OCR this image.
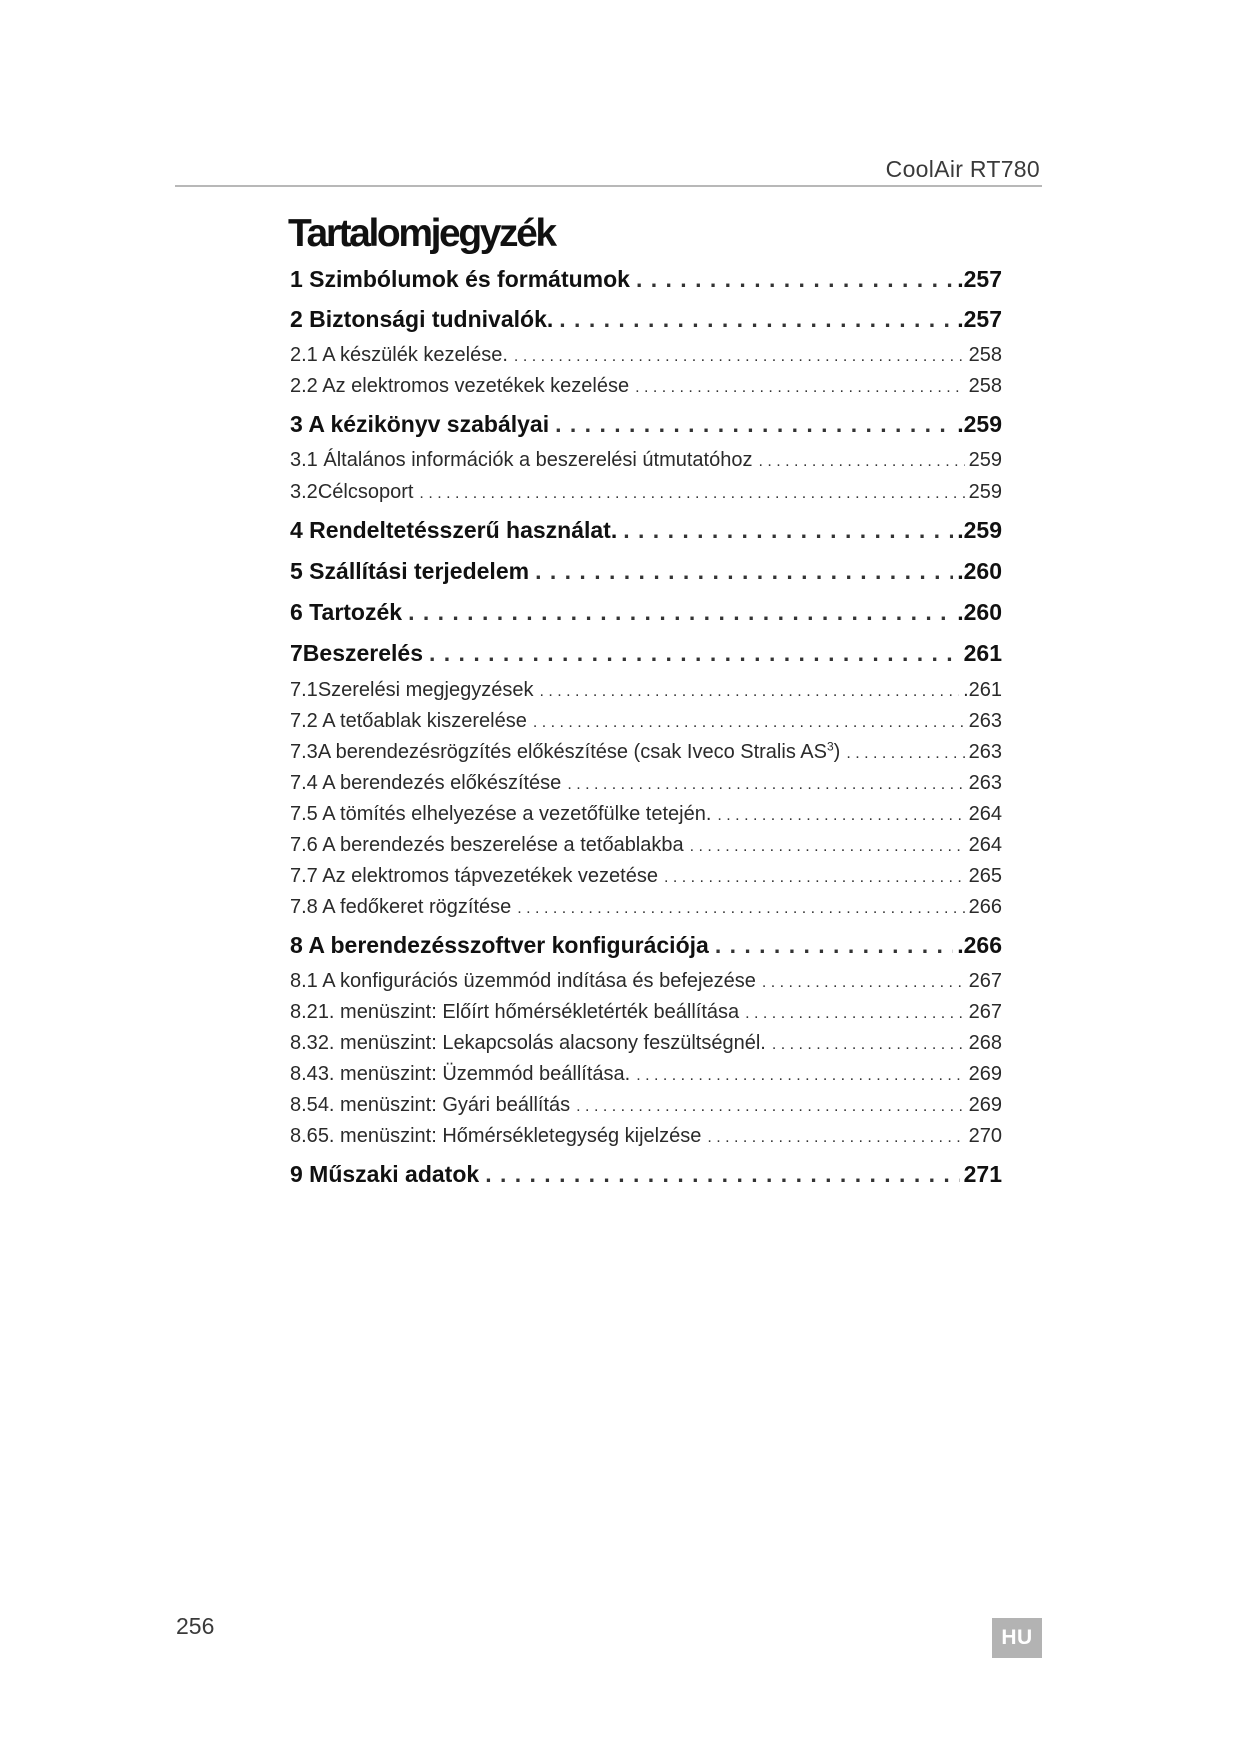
CoolAir RT780
Tartalomjegyzék
1 Szimbólumok és formátumok . . .	.257
2 Biztonsági tudnivalók. . . .	.257
2.1 A készülék kezelése. . . .	258
2.2 Az elektromos vezetékek kezelése . . .	258
3 A kézikönyv szabályai . . .	.259
3.1 Általános információk a beszerelési útmutatóhoz . . .	259
3.2 Célcsoport . . .	259
4 Rendeltetésszerű használat. . . .	.259
5 Szállítási terjedelem . . .	.260
6 Tartozék . . .	.260
7 Beszerelés . . .	261
7.1 Szerelési megjegyzések . . .	.261
7.2 A tetőablak kiszerelése . . .	263
7.3 A berendezésrögzítés előkészítése (csak Iveco Stralis $AS^3$) . . .	263
7.4 A berendezés előkészítése . . .	263
7.5 A tömítés elhelyezése a vezetőfülke tetején. . . .	264
7.6 A berendezés beszerelése a tetőablakba . . .	264
7.7 Az elektromos tápvezetékek vezetése . . .	265
7.8 A fedőkeret rögzítése . . .	266
8 A berendezésszoftver konfigurációja . . .	.266
8.1 A konfigurációs üzemmód indítása és befejezése . . .	267
8.2 1. menüszint: Előírt hőmérsékletérték beállítása . . .	267
8.3 2. menüszint: Lekapcsolás alacsony feszültségnél. . . .	268
8.4 3. menüszint: Üzemmód beállítása. . . .	269
8.5 4. menüszint: Gyári beállítás . . .	269
8.6 5. menüszint: Hőmérsékletegység kijelzése . . .	270
9 Műszaki adatok . . .	271
256	HU
